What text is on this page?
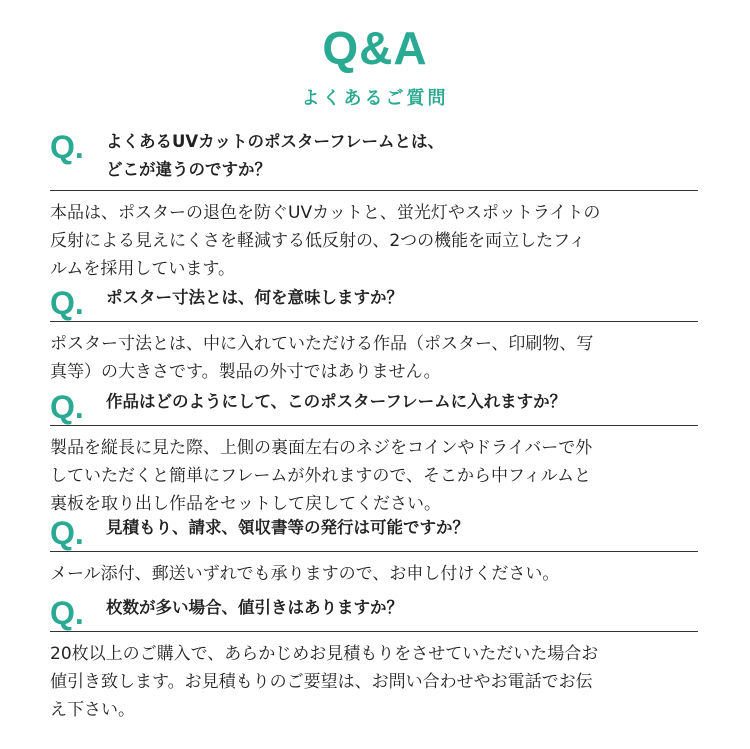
Q&A
よくあるご質問
Q.	よくあるUVカットのポスターフレームとは、
どこが違うのですか？
本品は、ポスターの退色を防ぐUVカットと、蛍光灯やスポットライトの
反射による見えにくさを軽減する低反射の、2つの機能を両立したフィ
ルムを採用しています。
Q.	ポスター寸法とは、何を意味しますか？
ポスター寸法とは、中に入れていただける作品（ポスター、印刷物、写
真等）の大きさです。製品の外寸ではありません。
Q.	作品はどのようにして、このポスターフレームに入れますか？
製品を縦長に見た際、上側の裏面左右のネジをコインやドライバーで外
していただくと簡単にフレームが外れますので、そこから中フィルムと
裏板を取り出し作品をセットして戻してください。
Q.	見積もり、請求、領収書等の発行は可能ですか？
メール添付、郵送いずれでも承りますので、お申し付けください。
Q.	枚数が多い場合、値引きはありますか？
20枚以上のご購入で、あらかじめお見積もりをさせていただいた場合お
値引き致します。お見積もりのご要望は、お問い合わせやお電話でお伝
え下さい。
